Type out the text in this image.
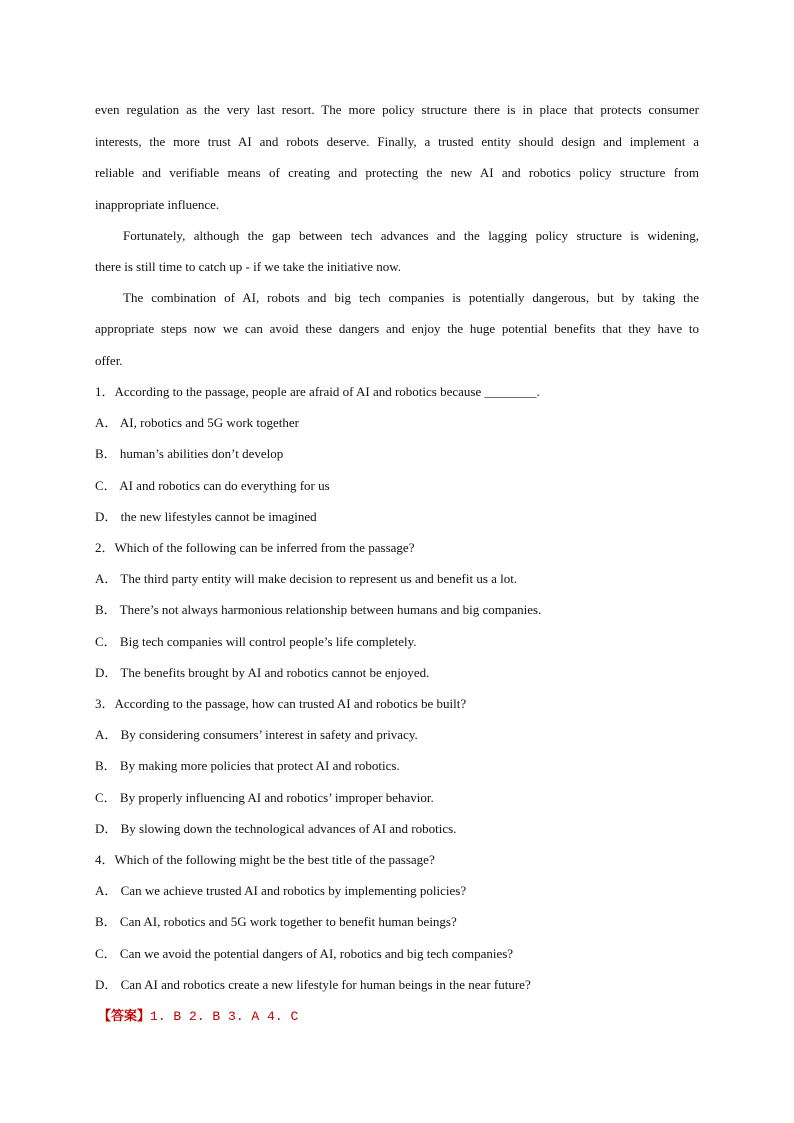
even regulation as the very last resort. The more policy structure there is in place that protects consumer
interests, the more trust AI and robots deserve. Finally, a trusted entity should design and implement a
reliable and verifiable means of creating and protecting the new AI and robotics policy structure from
inappropriate influence.
Fortunately, although the gap between tech advances and the lagging policy structure is widening,
there is still time to catch up - if we take the initiative now.
The combination of AI, robots and big tech companies is potentially dangerous, but by taking the
appropriate steps now we can avoid these dangers and enjoy the huge potential benefits that they have to
offer.
1．According to the passage, people are afraid of AI and robotics because ________.
A． AI, robotics and 5G work together
B． human’s abilities don’t develop
C． AI and robotics can do everything for us
D． the new lifestyles cannot be imagined
2．Which of the following can be inferred from the passage?
A． The third party entity will make decision to represent us and benefit us a lot.
B． There’s not always harmonious relationship between humans and big companies.
C． Big tech companies will control people’s life completely.
D． The benefits brought by AI and robotics cannot be enjoyed.
3．According to the passage, how can trusted AI and robotics be built?
A． By considering consumers’ interest in safety and privacy.
B． By making more policies that protect AI and robotics.
C． By properly influencing AI and robotics’ improper behavior.
D． By slowing down the technological advances of AI and robotics.
4．Which of the following might be the best title of the passage?
A． Can we achieve trusted AI and robotics by implementing policies?
B． Can AI, robotics and 5G work together to benefit human beings?
C． Can we avoid the potential dangers of AI, robotics and big tech companies?
D． Can AI and robotics create a new lifestyle for human beings in the near future?
【答案】1. B 2. B 3. A 4. C
